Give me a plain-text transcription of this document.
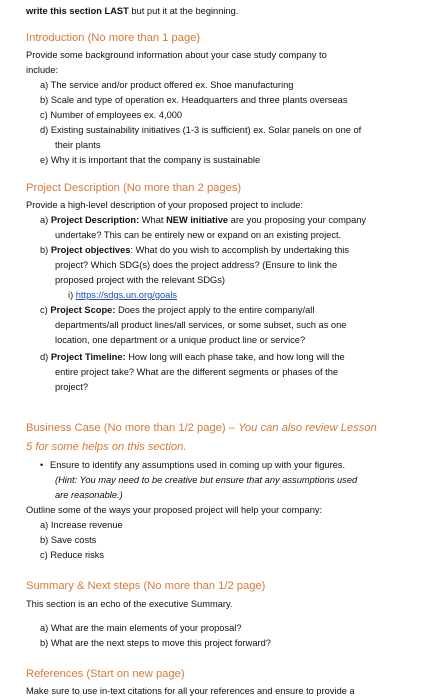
write this section LAST but put it at the beginning.
Introduction (No more than 1 page)
Provide some background information about your case study company to
include:
a) The service and/or product offered ex. Shoe manufacturing
b) Scale and type of operation ex. Headquarters and three plants overseas
c) Number of employees ex. 4,000
d) Existing sustainability initiatives (1-3 is sufficient) ex. Solar panels on one of
their plants
e) Why it is important that the company is sustainable
Project Description (No more than 2 pages)
Provide a high-level description of your proposed project to include:
a) Project Description: What NEW initiative are you proposing your company
undertake? This can be entirely new or expand on an existing project.
b) Project objectives: What do you wish to accomplish by undertaking this
project? Which SDG(s) does the project address? (Ensure to link the
proposed project with the relevant SDGs)
i) https://sdgs.un.org/goals
c) Project Scope: Does the project apply to the entire company/all
departments/all product lines/all services, or some subset, such as one
location, one department or a unique product line or service?
d) Project Timeline: How long will each phase take, and how long will the
entire project take? What are the different segments or phases of the
project?
Business Case (No more than 1/2 page) – You can also review Lesson
5 for some helps on this section.
• Ensure to identify any assumptions used in coming up with your figures.
(Hint: You may need to be creative but ensure that any assumptions used
are reasonable.)
Outline some of the ways your proposed project will help your company:
a) Increase revenue
b) Save costs
c) Reduce risks
Summary & Next steps (No more than 1/2 page)
This section is an echo of the executive Summary.
a) What are the main elements of your proposal?
b) What are the next steps to move this project forward?
References (Start on new page)
Make sure to use in-text citations for all your references and ensure to provide a
